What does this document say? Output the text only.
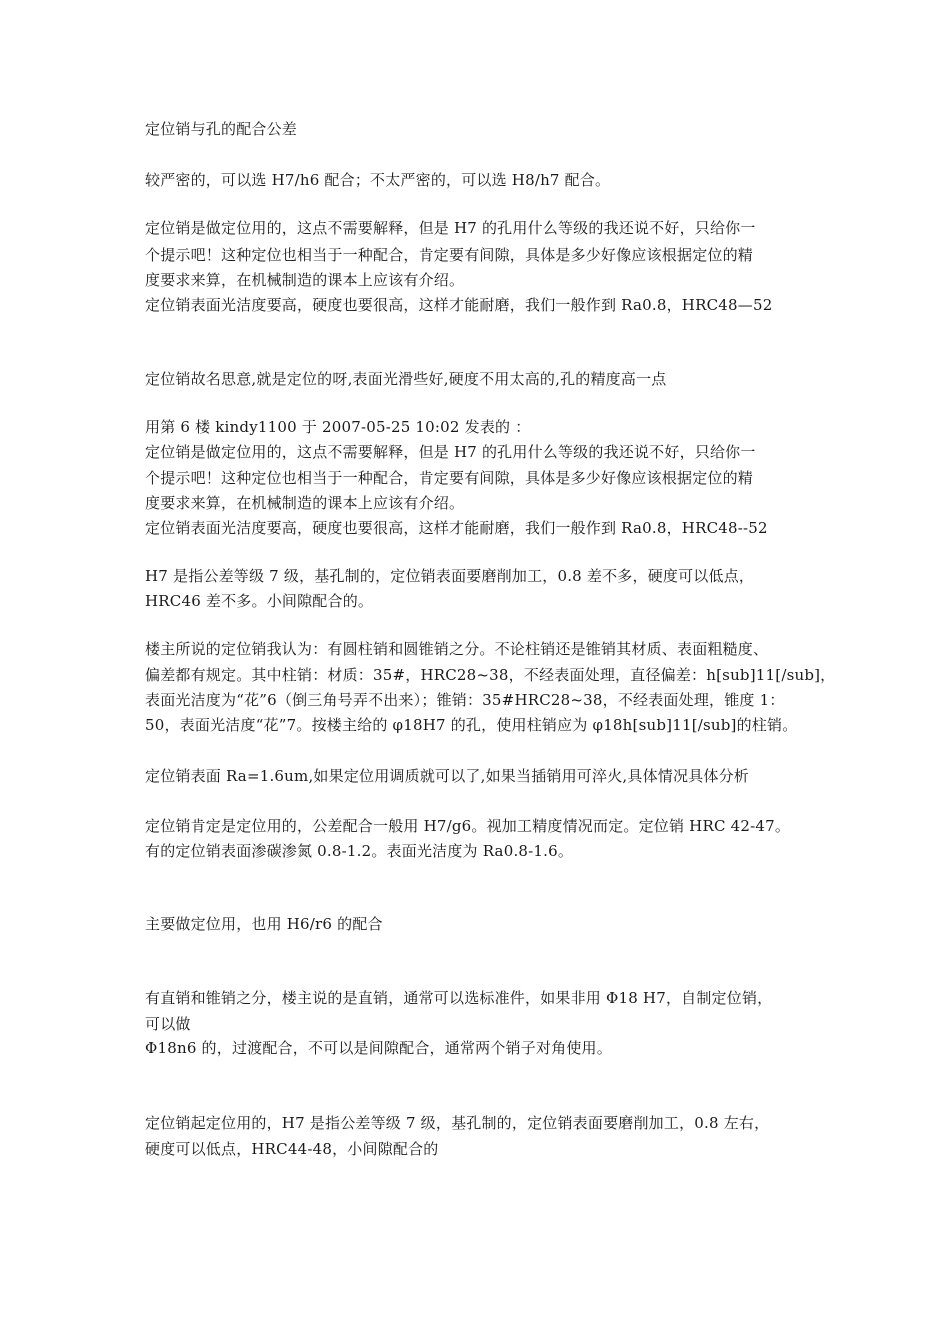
定位销与孔的配合公差
较严密的，可以选 H7/h6 配合；不太严密的，可以选 H8/h7 配合。
定位销是做定位用的，这点不需要解释，但是 H7 的孔用什么等级的我还说不好，只给你一
个提示吧！这种定位也相当于一种配合，肯定要有间隙，具体是多少好像应该根据定位的精
度要求来算，在机械制造的课本上应该有介绍。
定位销表面光洁度要高，硬度也要很高，这样才能耐磨，我们一般作到 Ra0.8，HRC48—52
定位销故名思意,就是定位的呀,表面光滑些好,硬度不用太高的,孔的精度高一点
用第 6 楼 kindy1100 于 2007-05-25 10:02 发表的 ：
定位销是做定位用的，这点不需要解释，但是 H7 的孔用什么等级的我还说不好，只给你一
个提示吧！这种定位也相当于一种配合，肯定要有间隙，具体是多少好像应该根据定位的精
度要求来算，在机械制造的课本上应该有介绍。
定位销表面光洁度要高，硬度也要很高，这样才能耐磨，我们一般作到 Ra0.8，HRC48--52
H7 是指公差等级 7 级，基孔制的，定位销表面要磨削加工，0.8 差不多，硬度可以低点，
HRC46 差不多。小间隙配合的。
楼主所说的定位销我认为：有圆柱销和圆锥销之分。不论柱销还是锥销其材质、表面粗糙度、
偏差都有规定。其中柱销：材质：35#，HRC28~38，不经表面处理，直径偏差：h[sub]11[/sub]，
表面光洁度为“花”6（倒三角号弄不出来）；锥销：35#HRC28~38，不经表面处理，锥度 1：
50，表面光洁度“花”7。按楼主给的 φ18H7 的孔，使用柱销应为 φ18h[sub]11[/sub]的柱销。
定位销表面 Ra=1.6um,如果定位用调质就可以了,如果当插销用可淬火,具体情况具体分析
定位销肯定是定位用的，公差配合一般用 H7/g6。视加工精度情况而定。定位销 HRC 42-47。
有的定位销表面渗碳渗氮 0.8-1.2。表面光洁度为 Ra0.8-1.6。
主要做定位用，也用 H6/r6 的配合
有直销和锥销之分，楼主说的是直销，通常可以选标准件，如果非用 Φ18 H7，自制定位销，
可以做
Φ18n6 的，过渡配合，不可以是间隙配合，通常两个销子对角使用。
定位销起定位用的，H7 是指公差等级 7 级，基孔制的，定位销表面要磨削加工，0.8 左右，
硬度可以低点，HRC44-48，小间隙配合的
